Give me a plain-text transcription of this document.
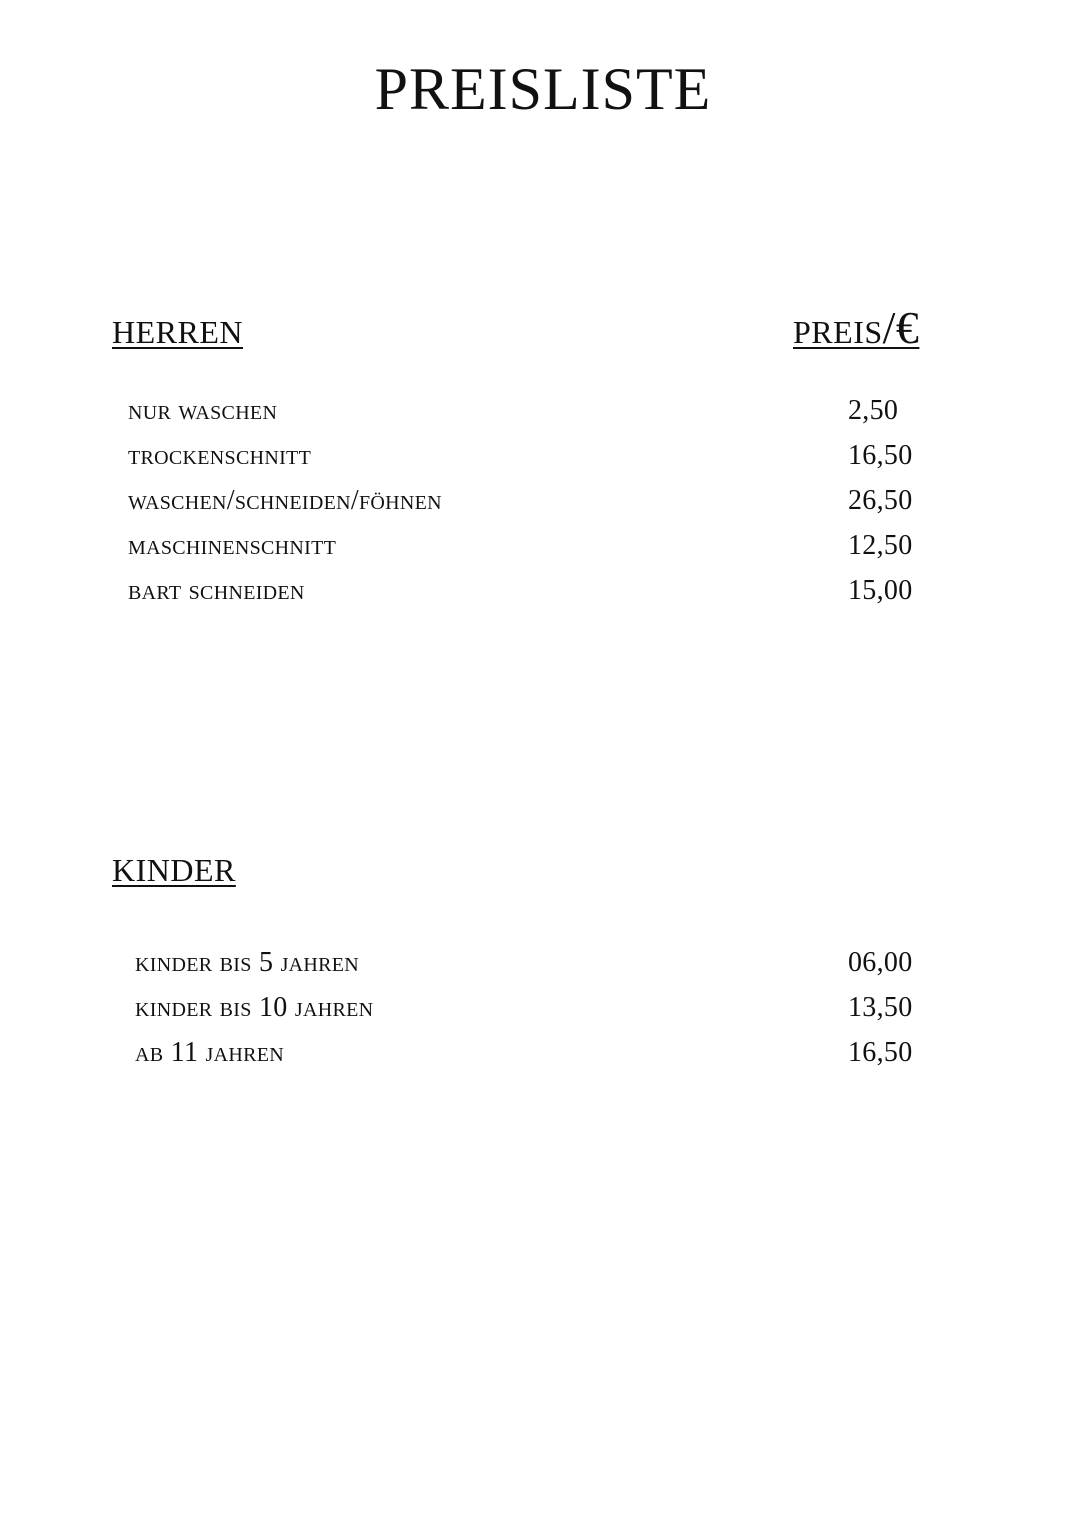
preisliste
herren	preis/€
nur waschen	2,50
trockenschnitt	16,50
waschen/schneiden/föhnen	26,50
maschinenschnitt	12,50
bart schneiden	15,00
kinder
kinder bis 5 jahren	06,00
kinder bis 10 jahren	13,50
ab 11 jahren	16,50
